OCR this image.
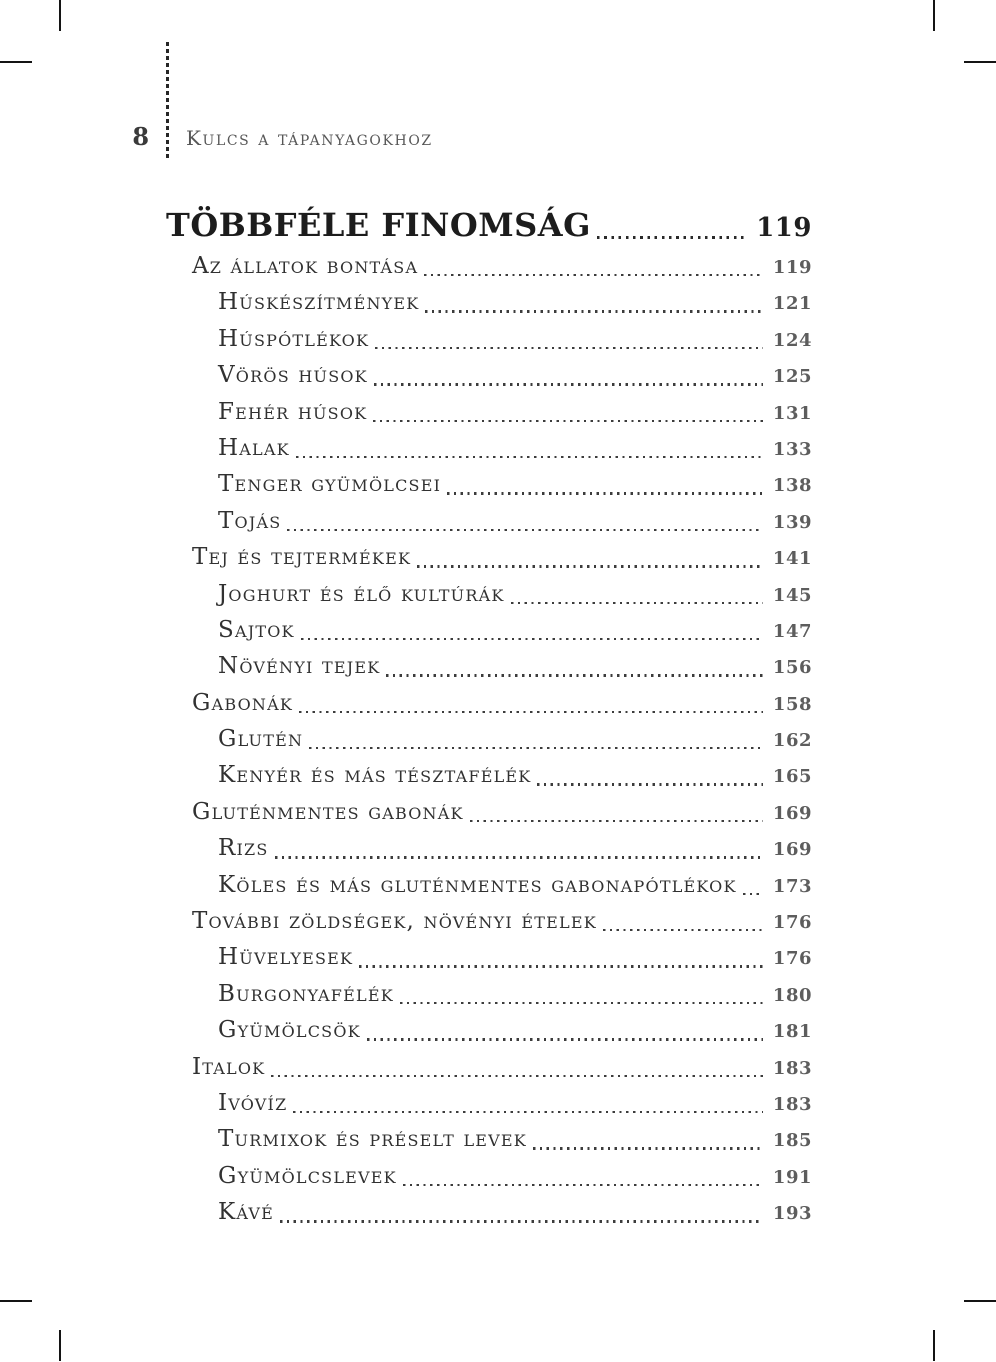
8	Kulcs a tápanyagokhoz
TÖBBFÉLE FINOMSÁG	119
Az állatok bontása	119
Húskészítmények	121
Húspótlékok	124
Vörös húsok	125
Fehér húsok	131
Halak	133
Tenger gyümölcsei	138
Tojás	139
Tej és tejtermékek	141
Joghurt és élő kultúrák	145
Sajtok	147
Növényi tejek	156
Gabonák	158
Glutén	162
Kenyér és más tésztafélék	165
Gluténmentes gabonák	169
Rizs	169
Köles és más gluténmentes gabonapótlékok 173
További zöldségek, növényi ételek	176
Hüvelyesek	176
Burgonyafélék	180
Gyümölcsök	181
Italok	183
Ivóvíz	183
Turmixok és préselt levek	185
Gyümölcslevek	191
Kávé	193
